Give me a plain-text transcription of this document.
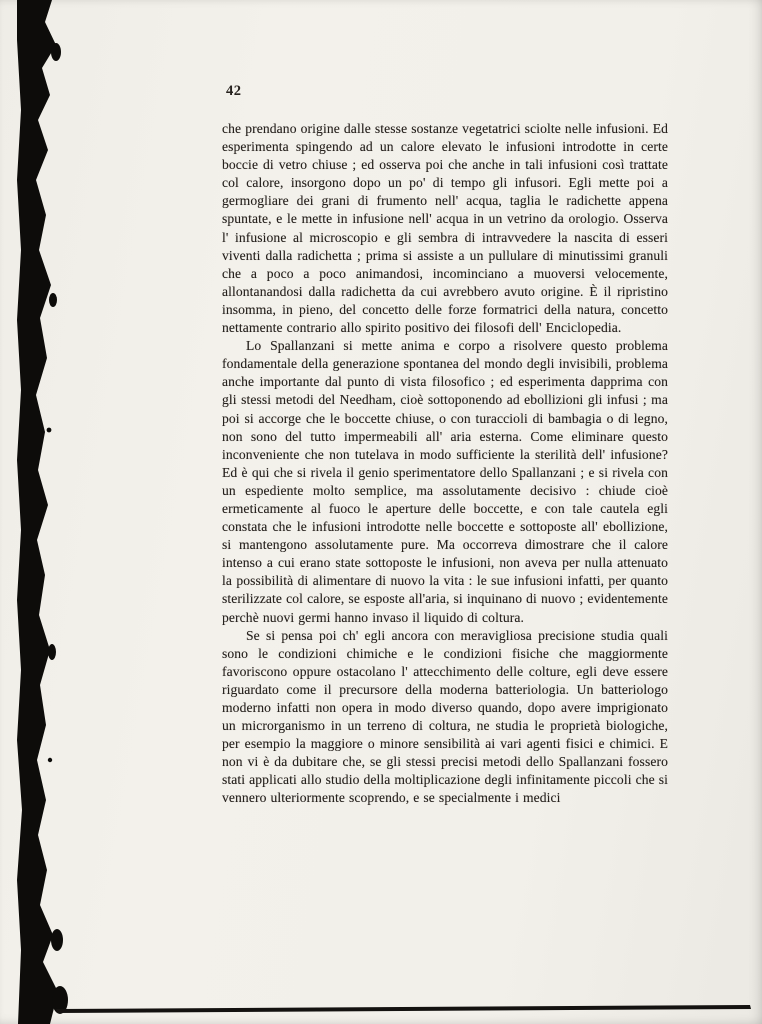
42

che prendano origine dalle stesse sostanze vegetatrici sciolte nelle infusioni. Ed esperimenta spingendo ad un calore elevato le infusioni introdotte in certe boccie di vetro chiuse ; ed osserva poi che anche in tali infusioni così trattate col calore, insorgono dopo un po' di tempo gli infusori. Egli mette poi a germogliare dei grani di frumento nell' acqua, taglia le radichette appena spuntate, e le mette in infusione nell' acqua in un vetrino da orologio. Osserva l' infusione al microscopio e gli sembra di intravvedere la nascita di esseri viventi dalla radichetta ; prima si assiste a un pullulare di minutissimi granuli che a poco a poco animandosi, incominciano a muoversi velocemente, allontanandosi dalla radichetta da cui avrebbero avuto origine. È il ripristino insomma, in pieno, del concetto delle forze formatrici della natura, concetto nettamente contrario allo spirito positivo dei filosofi dell' Enciclopedia.

Lo Spallanzani si mette anima e corpo a risolvere questo problema fondamentale della generazione spontanea del mondo degli invisibili, problema anche importante dal punto di vista filosofico ; ed esperimenta dapprima con gli stessi metodi del Needham, cioè sottoponendo ad ebollizioni gli infusi ; ma poi si accorge che le boccette chiuse, o con turaccioli di bambagia o di legno, non sono del tutto impermeabili all' aria esterna. Come eliminare questo inconveniente che non tutelava in modo sufficiente la sterilità dell' infusione? Ed è qui che si rivela il genio sperimentatore dello Spallanzani ; e si rivela con un espediente molto semplice, ma assolutamente decisivo : chiude cioè ermeticamente al fuoco le aperture delle boccette, e con tale cautela egli constata che le infusioni introdotte nelle boccette e sottoposte all' ebollizione, si mantengono assolutamente pure. Ma occorreva dimostrare che il calore intenso a cui erano state sottoposte le infusioni, non aveva per nulla attenuato la possibilità di alimentare di nuovo la vita : le sue infusioni infatti, per quanto sterilizzate col calore, se esposte all'aria, si inquinano di nuovo ; evidentemente perchè nuovi germi hanno invaso il liquido di coltura.

Se si pensa poi ch' egli ancora con meravigliosa precisione studia quali sono le condizioni chimiche e le condizioni fisiche che maggiormente favoriscono oppure ostacolano l' attecchimento delle colture, egli deve essere riguardato come il precursore della moderna batteriologia. Un batteriologo moderno infatti non opera in modo diverso quando, dopo avere imprigionato un microrganismo in un terreno di coltura, ne studia le proprietà biologiche, per esempio la maggiore o minore sensibilità ai vari agenti fisici e chimici. E non vi è da dubitare che, se gli stessi precisi metodi dello Spallanzani fossero stati applicati allo studio della moltiplicazione degli infinitamente piccoli che si vennero ulteriormente scoprendo, e se specialmente i medici
